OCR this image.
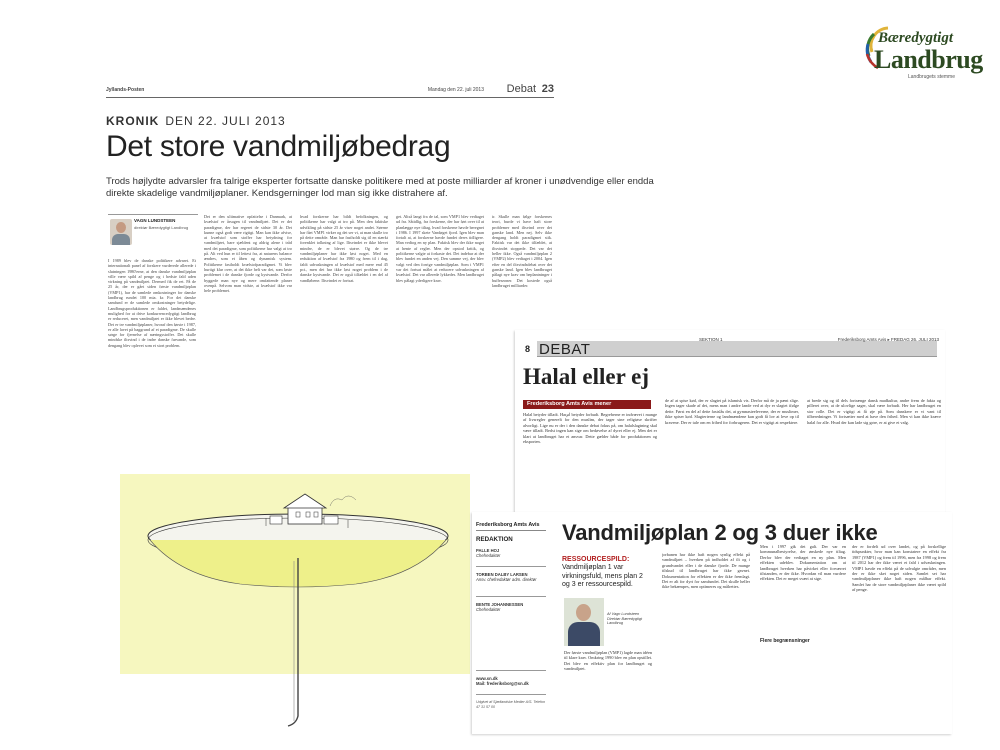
Bæredygtigt
Landbrug
Landbrugets stemme
Jyllands-Posten	Mandag den 22. juli 2013 Debat 23
KRONIK DEN 22. JULI 2013
Det store vandmiljøbedrag

Trods højlydte advarsler fra talrige eksperter fortsatte danske politikere med at poste milliarder af kroner i unødvendige eller endda direkte skadelige vandmiljøplaner. Kendsgerninger lod man sig ikke distrahere af.

VAGN LUNDSTEEN
direktør Bæredygtigt Landbrug

I 1989 blev de danske politikere advaret. Et internationalt panel af forskere vurderede allerede i slutningen 1980'erne, at den danske vandmiljøplan ville være spild af penge og i bedste fald uden virkning på vandmiljøet. Dermed fik de ret. På de 25 år, der er gået siden første vandmiljøplan (VMP1), har de samlede omkostninger for danske landbrug rundet 100 mia. kr. For det danske samfund er de samlede omkostninger betydelige. Landbrugsproduktionen er faldet, landmændenes mulighed for at drive konkurrencedygtigt landbrug er reduceret, men vandmiljøet er ikke blevet bedre. Det er tre vandmiljøplaner, hvoraf den første i 1987, er alle lavet på baggrund af et paradigme. De skulle sørge for fjernelse af næringsstoffer. Det skulle mindske iltsvind i de indre danske farvande, som dengang blev oplevet som et stort problem.

Det er den ultimative opfattelse i Danmark, at kvælstof er årsagen til vandmiljøet. Det er det paradigme, der har regeret de sidste 30 år. Det kunne også godt være rigtigt. Man kan ikke afvise, at kvælstof som stoffer har betydning for vandmiljøet, bare sjældent og aldrig alene i tråd med det paradigme, som politikerne har valgt at tro på. Alt ved hun er til lettest fra, at naturens balance ændres, som et åben og dynamisk system. Politikerne fastholdt kvælstofparadigmet. Vi blev hurtigt klar over, at det ikke helt var det, som løste problemet i de danske fjorde og kystvande. Derfor byggede man nye og mere omfattende planer ovenpå. Selvom man vidste, at kvælstof ikke var hele problemet.

hvad forskerne har bildt befolkningen, og politikerne har valgt at tro på. Men den faktiske udvikling på sidste 25 år viser noget andet. Søerne har fået VMP1 virker og det ser vi, at man skulle tro på dette område. Man har fastholdt sig til en stærkt forenklet tolkning af lige. Iltsvindet er ikke blevet mindre, de er blevet større. Og de tre vandmiljøplaner har ikke løst noget. Med en reduktion af kvælstof fra 1980 og frem til i dag, faldt udvaskningen af kvælstof med mere end 45 pct., men det har ikke løst noget problem i de danske kystvande. Det er også tilfældet i en del af vandløbene. Iltsvindet er fortsat.

get. Altså langt fra de tal, som VMP1 blev vedtaget ud fra. Såtidlig, fra forskerne, der har ført over til at planlægge nye tiltag, hvad forskerne havde beregnet i 1986. I 1997 skete Vandøget fjord. Igen blev man fortalt at, at forskerne havde fundet deres tidligere. Man vedtog en ny plan. Faktisk blev der ikke noget at hente af regler. Men der opstod kritik, og politikerne valgte at forkaste det. Det indebar at der blev fundet en anden vej. Den samme vej, der blev valgt ved den forrige vandmiljøplan. Som i VMP1 var det fortsat målet at reducere udvaskningen af kvælstof. Det var allerede lykkedes. Men landbruget blev pålagt yderligere krav.

ir. Skulle man følge forskernes teori, burde vi have haft store problemer med iltsvind over det ganske land. Men nej. Selv ikke dengang holdt paradigmet stik. Faktisk var det ikke tilfældet, at iltsvindet stoppede. Det var det heller ikke. Også vandmiljøplan 2 (VMP2) blev vedtaget i 2004. Igen efter en del iltsvindsdebat over det ganske land. Igen blev landbruget pålagt nye krav om beplantninger i bufferzoner. Det kostede også landbruget milliarder.

SEKTION 1	Frederiksborg Amts Avis ▸ FREDAG 26. JULI 2013
8 DEBAT
Halal eller ej
Frederiksborg Amts Avis mener

Halal betyder tilladt. Harام betyder forbudt. Begreberne er indvævet i mange af livsregler generelt for den muslim, der tager sine religiøse skrifter alvorligt. Lige nu er der i den danske debat fokus på, om halalslagtning skal være tilladt. Bedst ingen kan sige om bedøvelse af dyret eller ej. Men det er klart at landbruget har et ansvar. Dette gælder både for produktionen og eksporten.

de af at spise kød, der er slagtet på islamisk vis. Derfor må de ja pænt slige. Ingen tager skade af det, mens man i andre lande ved at dyr er slagtet ifølge dette. Først en del af dette fastslås det, at gymnasieeleverne, der er muslimer, ikke spiser kød. Slagterierne og landmændene kan godt få lov at leve op til kravene. Der er tale om en frihed for forbrugeren. Det er vigtigt at respektere.

at brede sig og til dels fortrænge dansk madkultur, andre frem de fakta og pilleret over, at de ulovlige sager, skal være forbudt. Her har landbruget en stor rolle. Det er vigtigt at få øje på. Som danskere er vi vant til tilberedninger. Vi fortsætter med at have den frihed. Men vi kan ikke kræve halal for alle. Hvad der kan lade sig gøre, er at give et valg.

Frederiksborg Amts Avis
REDAKTION
PALLE HOJ
Chefredaktør
TORBEN DALBY LARSEN
Ansv. chefredaktør adm. direktør
BENTE JOHANNESSEN
Chefredaktør
www.sn.dk
Mail: frederiksborg@sn.dk
Udgivet af Sjællandske Medier A/S. Telefon 47 31 57 00
Vandmiljøplan 2 og 3 duer ikke
RESSOURCESPILD: Vandmiljøplan 1 var virkningsfuld, mens plan 2 og 3 er ressourcespild.
Af Vagn Lundsteen Direktør Bæredygtigt Landbrug

Der første vandmiljøplan (VMP1) lagde man idéen til klare krav. Omkring 1990 blev en plan opstillet. Det blev en effektiv plan for landbruget og vandmiljøet.

jorbanen har ikke haft nogen synlig effekt på vandmiljøet – hverken på indholdet af ilt og i grundvandet eller i de danske fjorde. De mange tilskud til landbruget har ikke gavnet. Dokumentation for effekten er der ikke fremlagt. Det er alt for dyrt for samfundet. Det skulle heller ikke bekæmpes, men optimeres og målrettes.

Men i 1997 gik det galt. Der var en kommunalbestyrelse, der ønskede nye tiltag. Derfor blev der vedtaget en ny plan. Men effekten udeblev. Dokumentation om at landbruget hverken har påvirket eller forværret tilstanden, er der ikke. Hvordan vil man vurdere effekten. Det er meget svært at sige.

Flere begrænsninger

der er fordelt ud over landet, og på forskellige tidspunkter, hvor man kan konstatere en effekt fra 1987 (VMP1) og frem til 1996, men fra 1998 og frem til 2012 har der ikke været et fald i udvaskningen. VMP1 havde en effekt på de udvalgte områder, men der er ikke sket noget siden. Samlet set har vandmiljøplaner ikke haft nogen målbar effekt. Samlet har de store vandmiljøplaner ikke været spild af penge.
